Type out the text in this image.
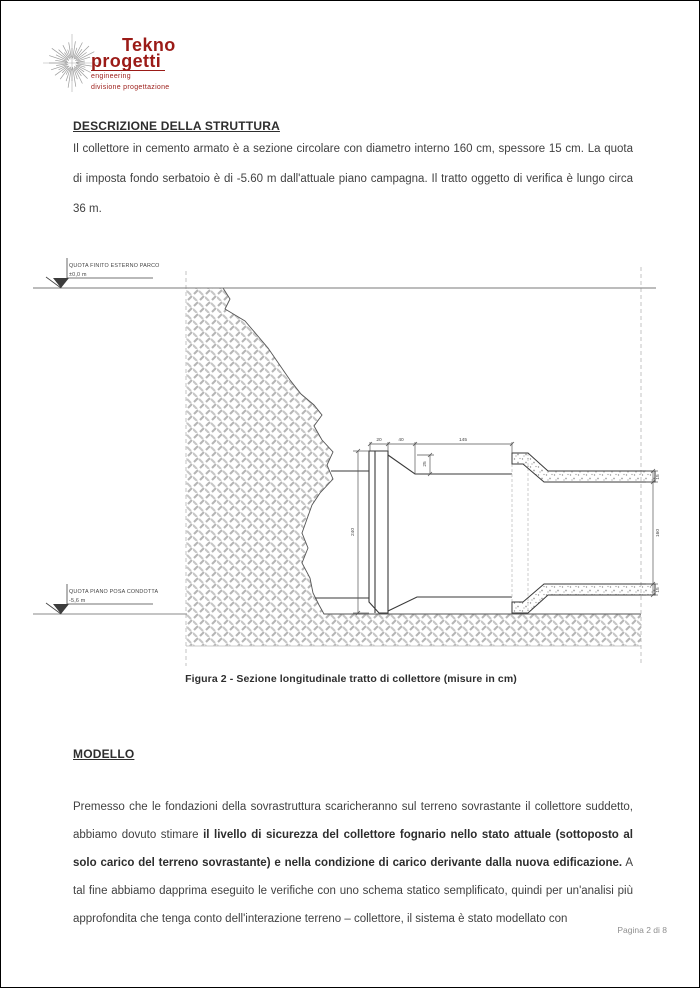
Tekno
progetti
engineering
divisione progettazione
DESCRIZIONE DELLA STRUTTURA
Il collettore in cemento armato è a sezione circolare con diametro interno 160 cm, spessore 15 cm. La quota di imposta fondo serbatoio è di -5.60 m dall'attuale piano campagna. Il tratto oggetto di verifica è lungo circa 36 m.
QUOTA FINITO ESTERNO PARCO
±0,0 m
QUOTA PIANO POSA CONDOTTA
-5,6 m
20	40	145
25
240
15
160
15
Figura 2 - Sezione longitudinale tratto di collettore (misure in cm)
MODELLO
Premesso che le fondazioni della sovrastruttura scaricheranno sul terreno sovrastante il collettore suddetto, abbiamo dovuto stimare il livello di sicurezza del collettore fognario nello stato attuale (sottoposto al solo carico del terreno sovrastante) e nella condizione di carico derivante dalla nuova edificazione. A tal fine abbiamo dapprima eseguito le verifiche con uno schema statico semplificato, quindi per un'analisi più approfondita che tenga conto dell'interazione terreno – collettore, il sistema è stato modellato con
Pagina 2 di 8
